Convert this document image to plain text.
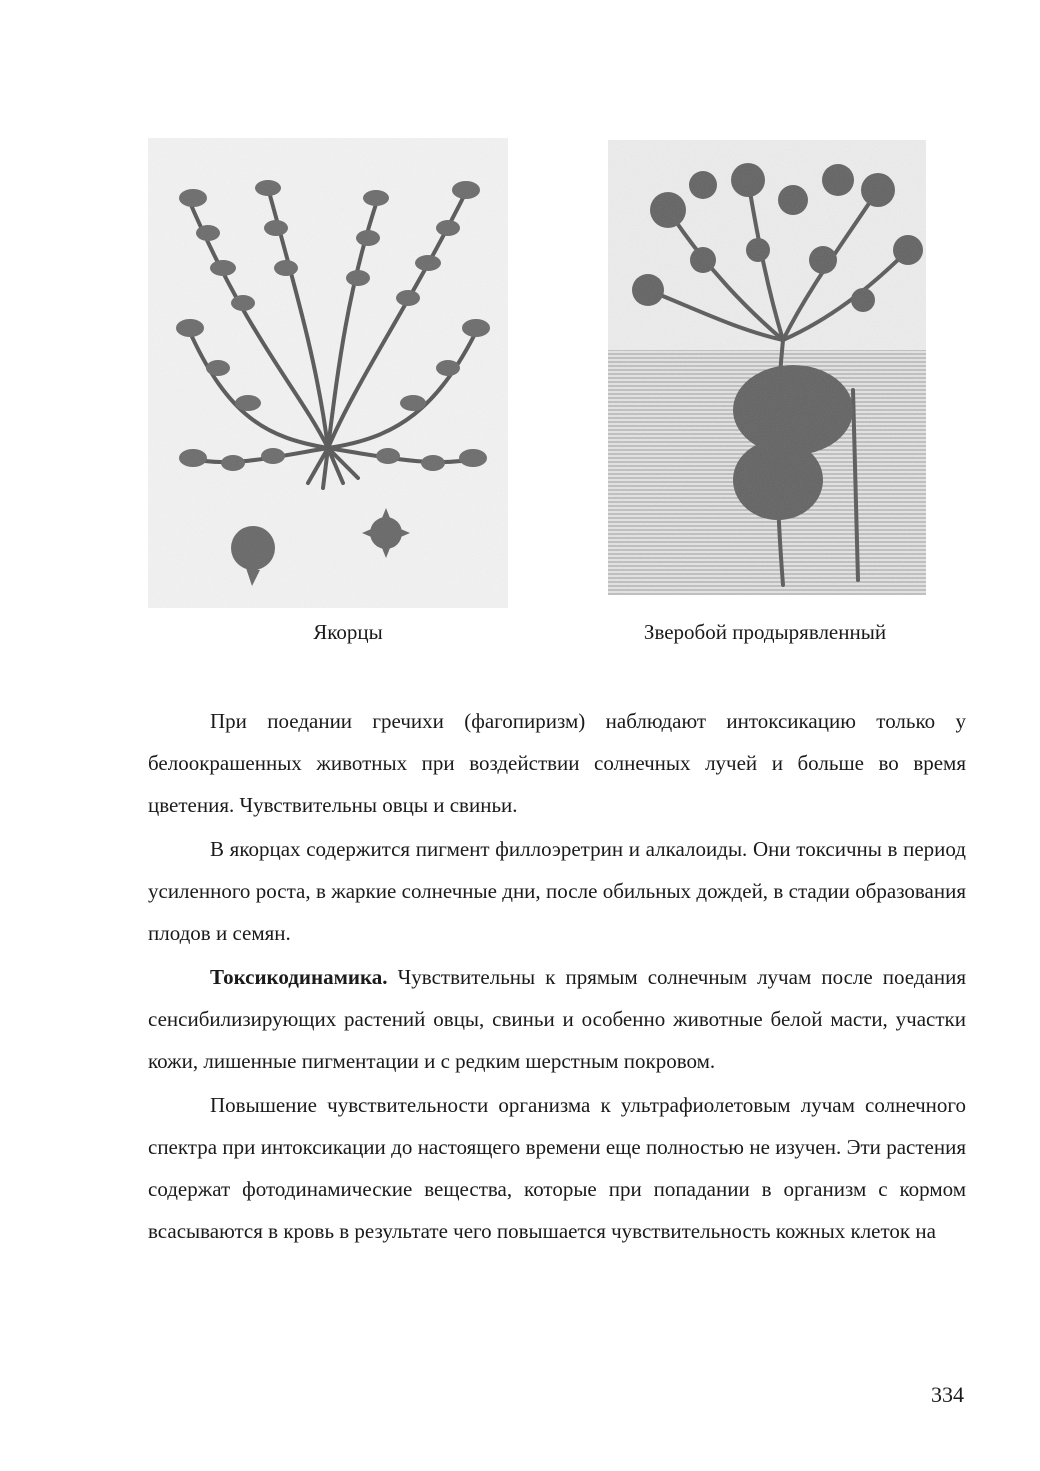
Якорцы	Зверобой продырявленный

При поедании гречихи (фагопиризм) наблюдают интоксикацию только у белоокрашенных животных при воздействии солнечных лучей и больше во время цветения. Чувствительны овцы и свиньи.

В якорцах содержится пигмент филлоэретрин и алкалоиды. Они токсичны в период усиленного роста, в жаркие солнечные дни, после обильных дождей, в стадии образования плодов и семян.

Токсикодинамика. Чувствительны к прямым солнечным лучам после поедания сенсибилизирующих растений овцы, свиньи и особенно животные белой масти, участки кожи, лишенные пигментации и с редким шерстным покровом.

Повышение чувствительности организма к ультрафиолетовым лучам солнечного спектра при интоксикации до настоящего времени еще полностью не изучен. Эти растения содержат фотодинамические вещества, которые при попадании в организм с кормом всасываются в кровь в результате чего повышается чувствительность кожных клеток на

334
